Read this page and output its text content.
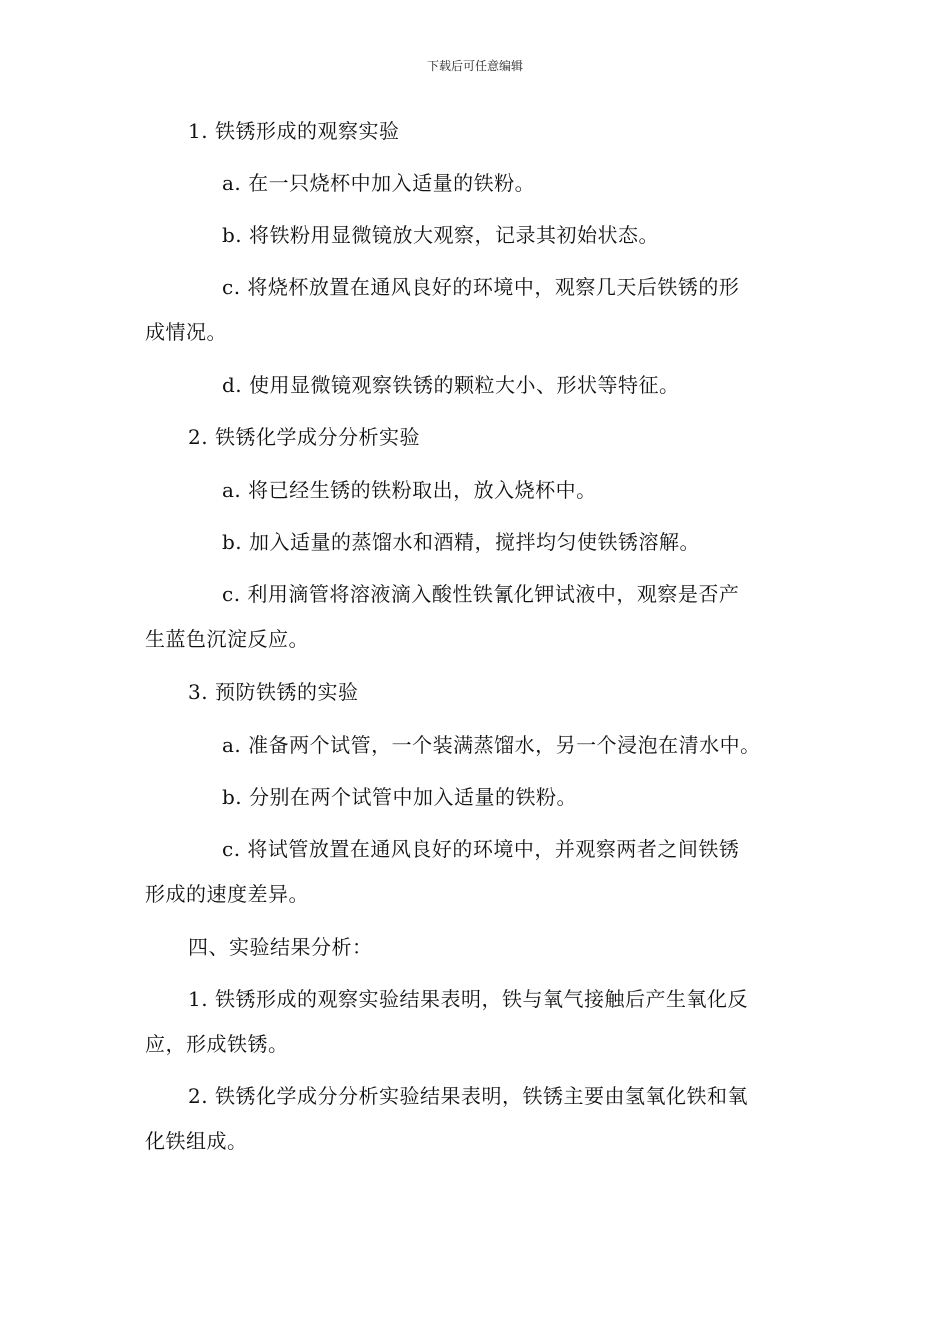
下载后可任意编辑
1. 铁锈形成的观察实验
a. 在一只烧杯中加入适量的铁粉。
b. 将铁粉用显微镜放大观察，记录其初始状态。
c. 将烧杯放置在通风良好的环境中，观察几天后铁锈的形
成情况。
d. 使用显微镜观察铁锈的颗粒大小、形状等特征。
2. 铁锈化学成分分析实验
a. 将已经生锈的铁粉取出，放入烧杯中。
b. 加入适量的蒸馏水和酒精，搅拌均匀使铁锈溶解。
c. 利用滴管将溶液滴入酸性铁氰化钾试液中，观察是否产
生蓝色沉淀反应。
3. 预防铁锈的实验
a. 准备两个试管，一个装满蒸馏水，另一个浸泡在清水中。
b. 分别在两个试管中加入适量的铁粉。
c. 将试管放置在通风良好的环境中，并观察两者之间铁锈
形成的速度差异。
四、实验结果分析：
1. 铁锈形成的观察实验结果表明，铁与氧气接触后产生氧化反
应，形成铁锈。
2. 铁锈化学成分分析实验结果表明，铁锈主要由氢氧化铁和氧
化铁组成。
